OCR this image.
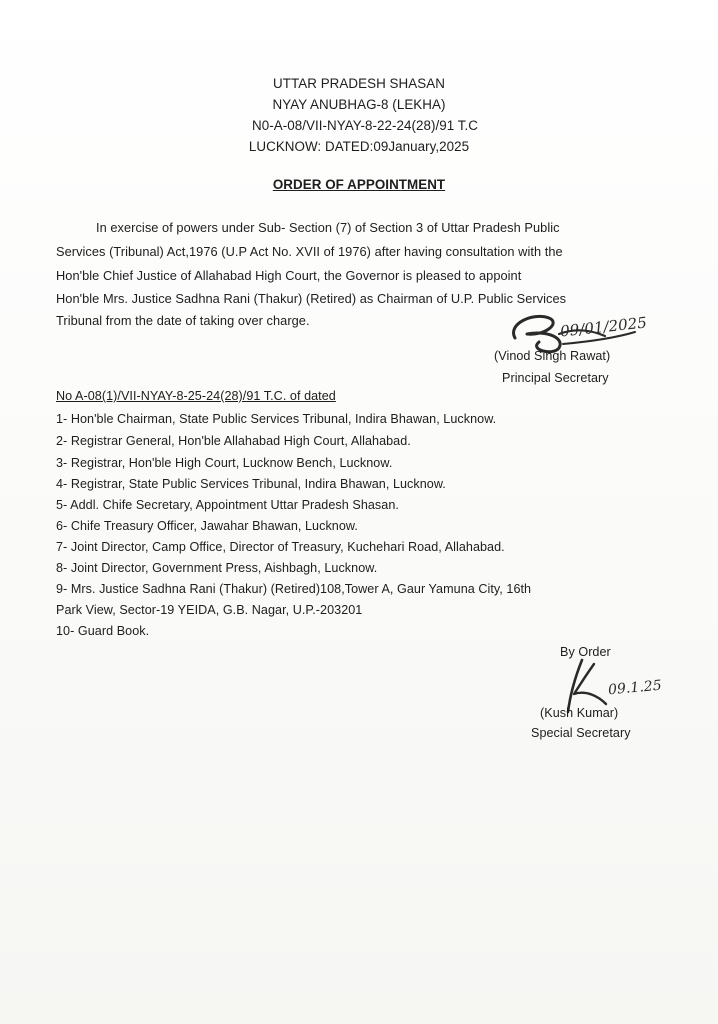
UTTAR PRADESH SHASAN
NYAY ANUBHAG-8 (LEKHA)
N0-A-08/VII-NYAY-8-22-24(28)/91 T.C
LUCKNOW: DATED:09January,2025
ORDER OF APPOINTMENT
In exercise of powers under Sub- Section (7) of Section 3 of Uttar Pradesh Public
Services (Tribunal) Act,1976 (U.P Act No. XVII of 1976) after having consultation with the
Hon'ble Chief Justice of Allahabad High Court, the Governor is pleased to appoint
Hon'ble Mrs. Justice Sadhna Rani (Thakur) (Retired) as Chairman of U.P. Public Services
Tribunal from the date of taking over charge.	09/01/2025
(Vinod Singh Rawat)
Principal Secretary
No A-08(1)/VII-NYAY-8-25-24(28)/91 T.C. of dated
1- Hon'ble Chairman, State Public Services Tribunal, Indira Bhawan, Lucknow.
2- Registrar General, Hon'ble Allahabad High Court, Allahabad.
3- Registrar, Hon'ble High Court, Lucknow Bench, Lucknow.
4- Registrar, State Public Services Tribunal, Indira Bhawan, Lucknow.
5- Addl. Chife Secretary, Appointment Uttar Pradesh Shasan.
6- Chife Treasury Officer, Jawahar Bhawan, Lucknow.
7- Joint Director, Camp Office, Director of Treasury, Kuchehari Road, Allahabad.
8- Joint Director, Government Press, Aishbagh, Lucknow.
9- Mrs. Justice Sadhna Rani (Thakur) (Retired)108,Tower A, Gaur Yamuna City, 16th
Park View, Sector-19 YEIDA, G.B. Nagar, U.P.-203201
10- Guard Book.
By Order
09.1.25
(Kush Kumar)
Special Secretary
